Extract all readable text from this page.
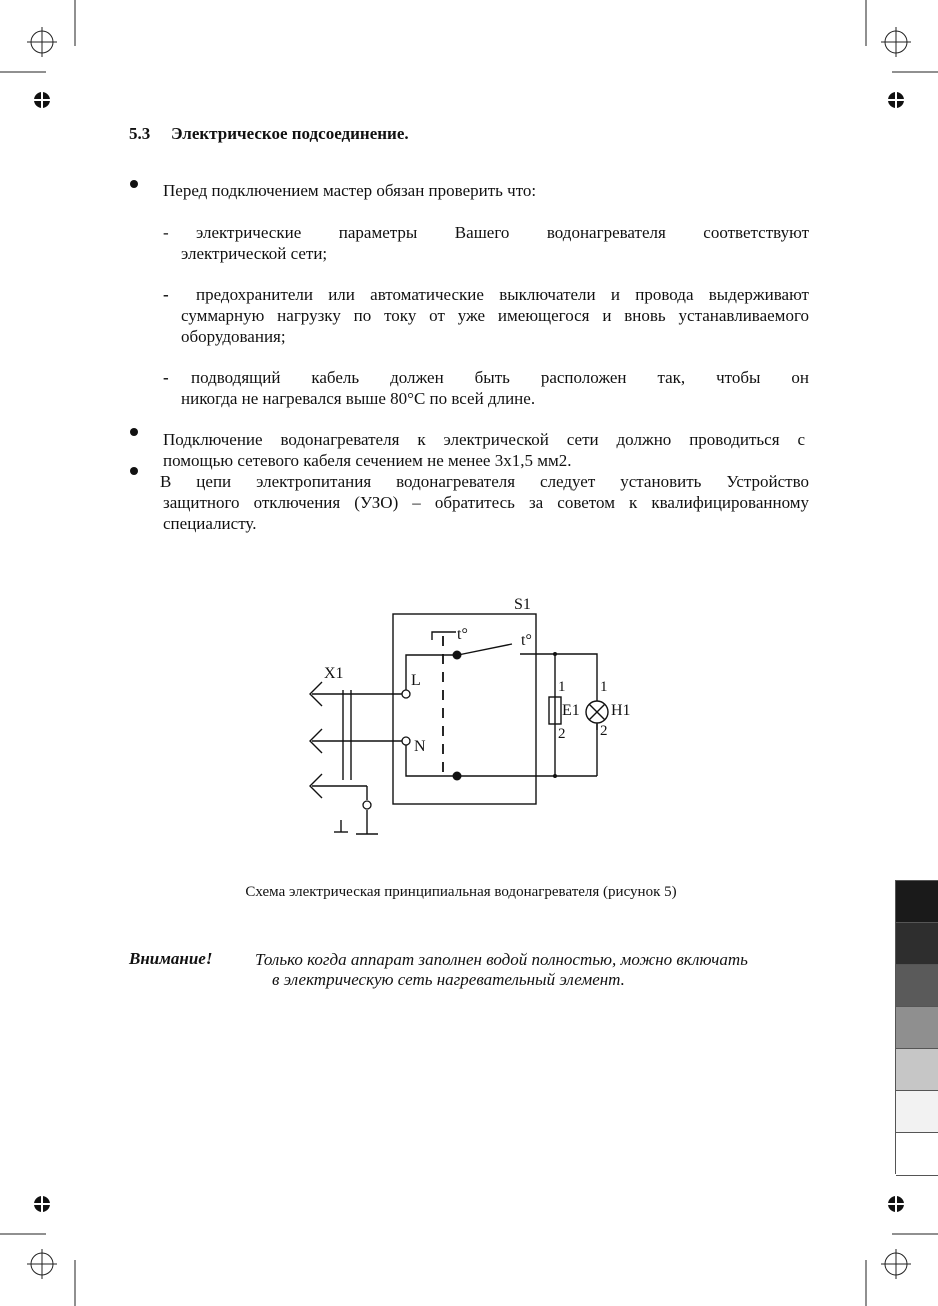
5.3 Электрическое подсоединение.
Перед подключением мастер обязан проверить что:
- электрические параметры Вашего водонагревателя соответствуют
электрической сети;
- предохранители или автоматические выключатели и провода выдерживают
суммарную нагрузку по току от уже имеющегося и вновь устанавливаемого
оборудования;
- подводящий кабель должен быть расположен так, чтобы он
никогда не нагревался выше 80°С по всей длине.
Подключение водонагревателя к электрической сети должно проводиться с
помощью сетевого кабеля сечением не менее 3х1,5 мм2.
В цепи электропитания водонагревателя следует установить Устройство
защитного отключения (УЗО) – обратитесь за советом к квалифицированному
специалисту.
S1
t°	t°
X1	L
N
E1 H1
1
2
1
2
Схема электрическая принципиальная водонагревателя (рисунок 5)
Внимание!	Только когда аппарат заполнен водой полностью, можно включать
в электрическую сеть нагревательный элемент.
